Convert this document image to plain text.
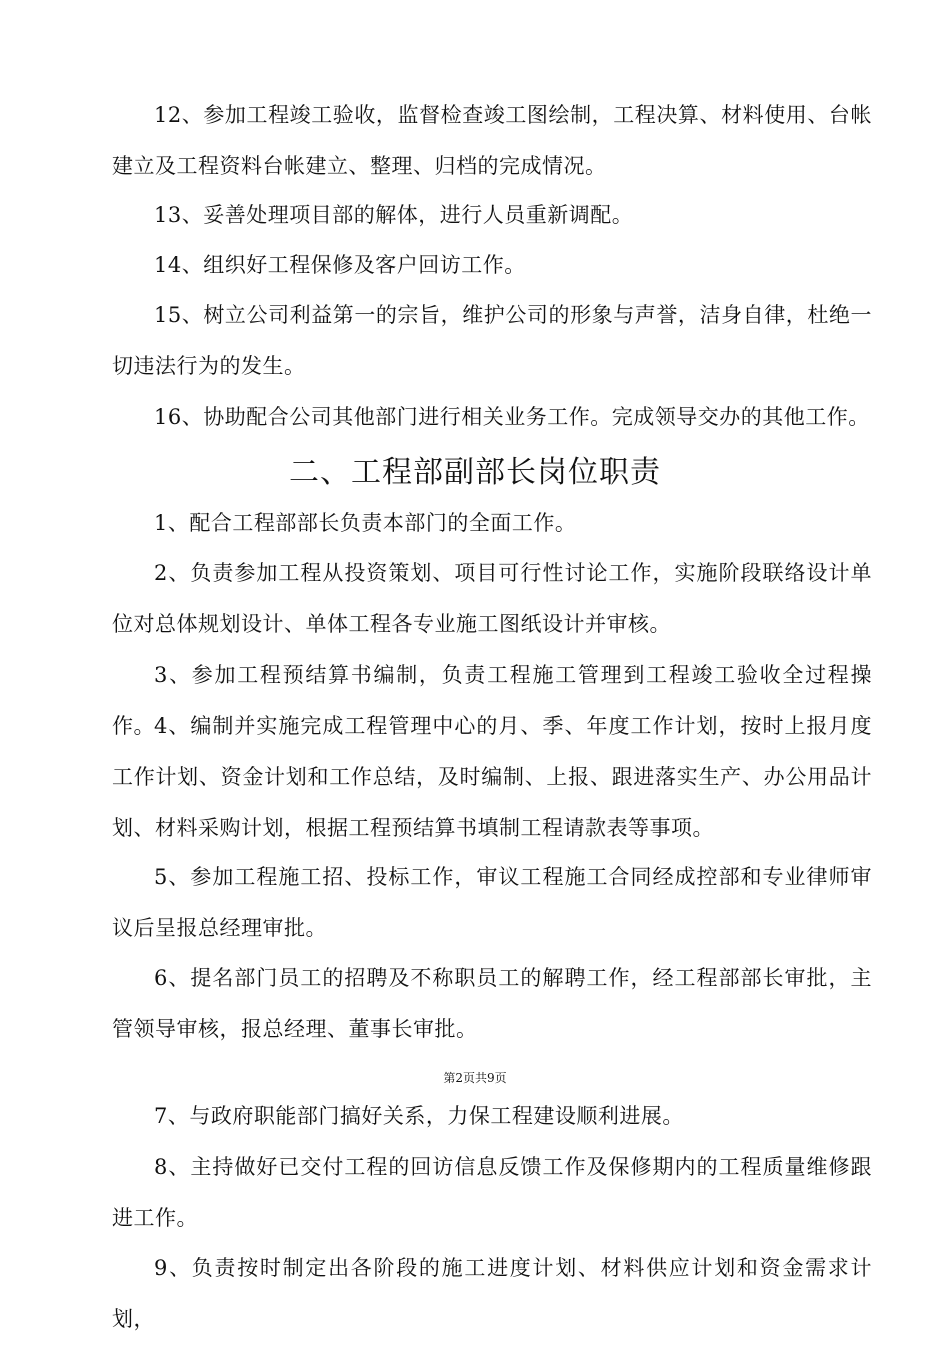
12、参加工程竣工验收，监督检查竣工图绘制，工程决算、材料使用、台帐建立及工程资料台帐建立、整理、归档的完成情况。

13、妥善处理项目部的解体，进行人员重新调配。

14、组织好工程保修及客户回访工作。

15、树立公司利益第一的宗旨，维护公司的形象与声誉，洁身自律，杜绝一切违法行为的发生。

16、协助配合公司其他部门进行相关业务工作。完成领导交办的其他工作。

二、工程部副部长岗位职责

1、配合工程部部长负责本部门的全面工作。

2、负责参加工程从投资策划、项目可行性讨论工作，实施阶段联络设计单位对总体规划设计、单体工程各专业施工图纸设计并审核。

3、参加工程预结算书编制，负责工程施工管理到工程竣工验收全过程操作。 4、编制并实施完成工程管理中心的月、季、年度工作计划，按时上报月度工作计划、资金计划和工作总结，及时编制、上报、跟进落实生产、办公用品计划、材料采购计划，根据工程预结算书填制工程请款表等事项。

5、参加工程施工招、投标工作，审议工程施工合同经成控部和专业律师审议后呈报总经理审批。

6、提名部门员工的招聘及不称职员工的解聘工作，经工程部部长审批，主管领导审核，报总经理、董事长审批。

第2页共9页

7、与政府职能部门搞好关系，力保工程建设顺利进展。

8、主持做好已交付工程的回访信息反馈工作及保修期内的工程质量维修跟进工作。

9、负责按时制定出各阶段的施工进度计划、材料供应计划和资金需求计划，
